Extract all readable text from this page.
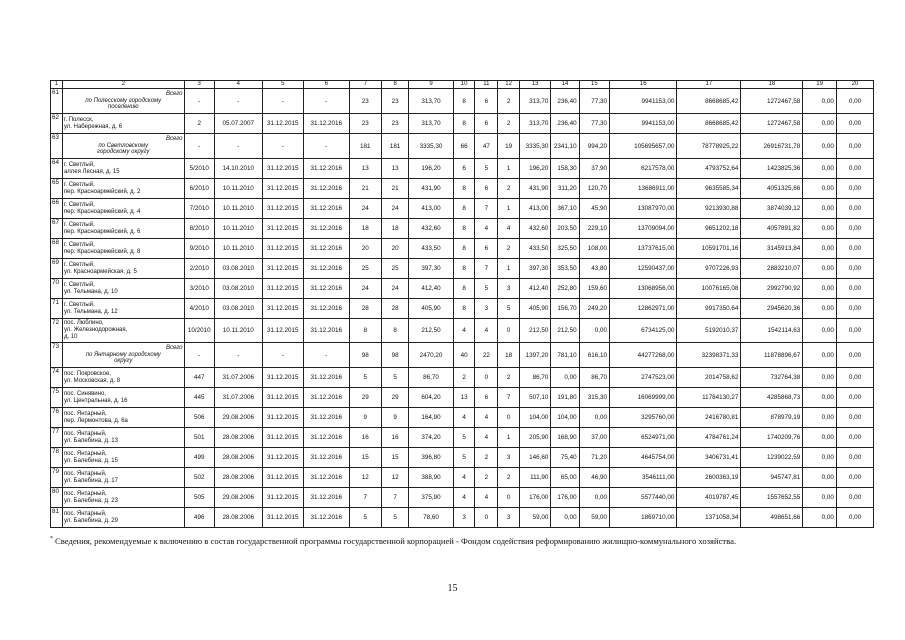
1	2	3	4	5	6	7	8	9	10	11	12	13	14	15	16	17	18	19	20
61	Всего
по Полесскому городскому
поселению	-	-	-	-	23	23	313,70	8	6	2	313,70	236,40	77,30	9941153,00	8668685,42	1272467,58	0,00	0,00
62	г. Полесск,
ул. Набережная, д. 6	2	05.07.2007	31.12.2015	31.12.2016	23	23	313,70	8	6	2	313,70	236,40	77,30	9941153,00	8668685,42	1272467,58	0,00	0,00
63	Всего
по Светловскому
городскому округу	-	-	-	-	181	181	3335,30	66	47	19	3335,30	2341,10	994,20	105695657,00	78778925,22	26916731,78	0,00	0,00
64	г. Светлый,
аллея Лесная, д. 15	5/2010	14.10.2010	31.12.2015	31.12.2016	13	13	196,20	6	5	1	196,20	158,30	37,90	6217578,00	4793752,64	1423825,36	0,00	0,00
65	г. Светлый,
пер. Красноармейский, д. 2	6/2010	10.11.2010	31.12.2015	31.12.2016	21	21	431,90	8	6	2	431,90	311,20	120,70	13686911,00	9635585,34	4051325,66	0,00	0,00
66	г. Светлый,
пер. Красноармейский, д. 4	7/2010	10.11.2010	31.12.2015	31.12.2016	24	24	413,00	8	7	1	413,00	367,10	45,90	13087970,00	9213930,88	3874039,12	0,00	0,00
67	г. Светлый,
пер. Красноармейский, д. 6	8/2010	10.11.2010	31.12.2015	31.12.2016	18	18	432,60	8	4	4	432,60	203,50	229,10	13709094,00	9651202,18	4057891,82	0,00	0,00
68	г. Светлый,
пер. Красноармейский, д. 8	9/2010	10.11.2010	31.12.2015	31.12.2016	20	20	433,50	8	6	2	433,50	325,50	108,00	13737615,00	10591701,16	3145913,84	0,00	0,00
69	г. Светлый,
ул. Красноармейская, д. 5	2/2010	03.08.2010	31.12.2015	31.12.2016	25	25	397,30	8	7	1	397,30	353,50	43,80	12590437,00	9707226,93	2883210,07	0,00	0,00
70	г. Светлый,
ул. Тельмана, д. 10	3/2010	03.08.2010	31.12.2015	31.12.2016	24	24	412,40	8	5	3	412,40	252,80	159,60	13068956,00	10076165,08	2992790,92	0,00	0,00
71	г. Светлый,
ул. Тельмана, д. 12	4/2010	03.08.2010	31.12.2015	31.12.2016	28	28	405,90	8	3	5	405,90	156,70	249,20	12862971,00	9917350,64	2945620,36	0,00	0,00
72	пос. Люблино,
ул. Железнодорожная,
д. 10	10/2010	10.11.2010	31.12.2015	31.12.2016	8	8	212,50	4	4	0	212,50	212,50	0,00	6734125,00	5192010,37	1542114,63	0,00	0,00
73	Всего
по Янтарному городскому
округу	-	-	-	-	98	98	2470,20	40	22	18	1397,20	781,10	616,10	44277268,00	32398371,33	11878896,67	0,00	0,00
74	пос. Покровское,
ул. Московская, д. 8	447	31.07.2006	31.12.2015	31.12.2016	5	5	86,70	2	0	2	86,70	0,00	86,70	2747523,00	2014758,62	732764,38	0,00	0,00
75	пос. Синявино,
ул. Центральная, д. 16	445	31.07.2006	31.12.2015	31.12.2016	29	29	604,20	13	6	7	507,10	191,80	315,30	16069999,00	11784130,27	4285868,73	0,00	0,00
76	пос. Янтарный,
пер. Лермонтова, д. 6а	506	29.08.2006	31.12.2015	31.12.2016	9	9	164,90	4	4	0	104,00	104,00	0,00	3295760,00	2416780,81	878979,19	0,00	0,00
77	пос. Янтарный,
ул. Балебина, д. 13	501	28.08.2006	31.12.2015	31.12.2016	16	16	374,20	5	4	1	205,90	168,90	37,00	6524971,00	4784761,24	1740209,76	0,00	0,00
78	пос. Янтарный,
ул. Балебина, д. 15	499	28.08.2006	31.12.2015	31.12.2016	15	15	396,80	5	2	3	146,60	75,40	71,20	4645754,00	3406731,41	1239022,59	0,00	0,00
79	пос. Янтарный,
ул. Балебина, д. 17	502	28.08.2006	31.12.2015	31.12.2016	12	12	388,90	4	2	2	111,90	65,00	46,90	3546111,00	2600363,19	945747,81	0,00	0,00
80	пос. Янтарный,
ул. Балебина, д. 23	505	29.08.2006	31.12.2015	31.12.2016	7	7	375,90	4	4	0	176,00	176,00	0,00	5577440,00	4019787,45	1557652,55	0,00	0,00
81	пос. Янтарный,
ул. Балебина, д. 29	496	28.08.2006	31.12.2015	31.12.2016	5	5	78,60	3	0	3	59,00	0,00	59,00	1869710,00	1371058,34	498651,66	0,00	0,00
* Сведения, рекомендуемые к включению в состав государственной программы государственной корпорацией - Фондом содействия реформированию жилищно-коммунального хозяйства.
15
